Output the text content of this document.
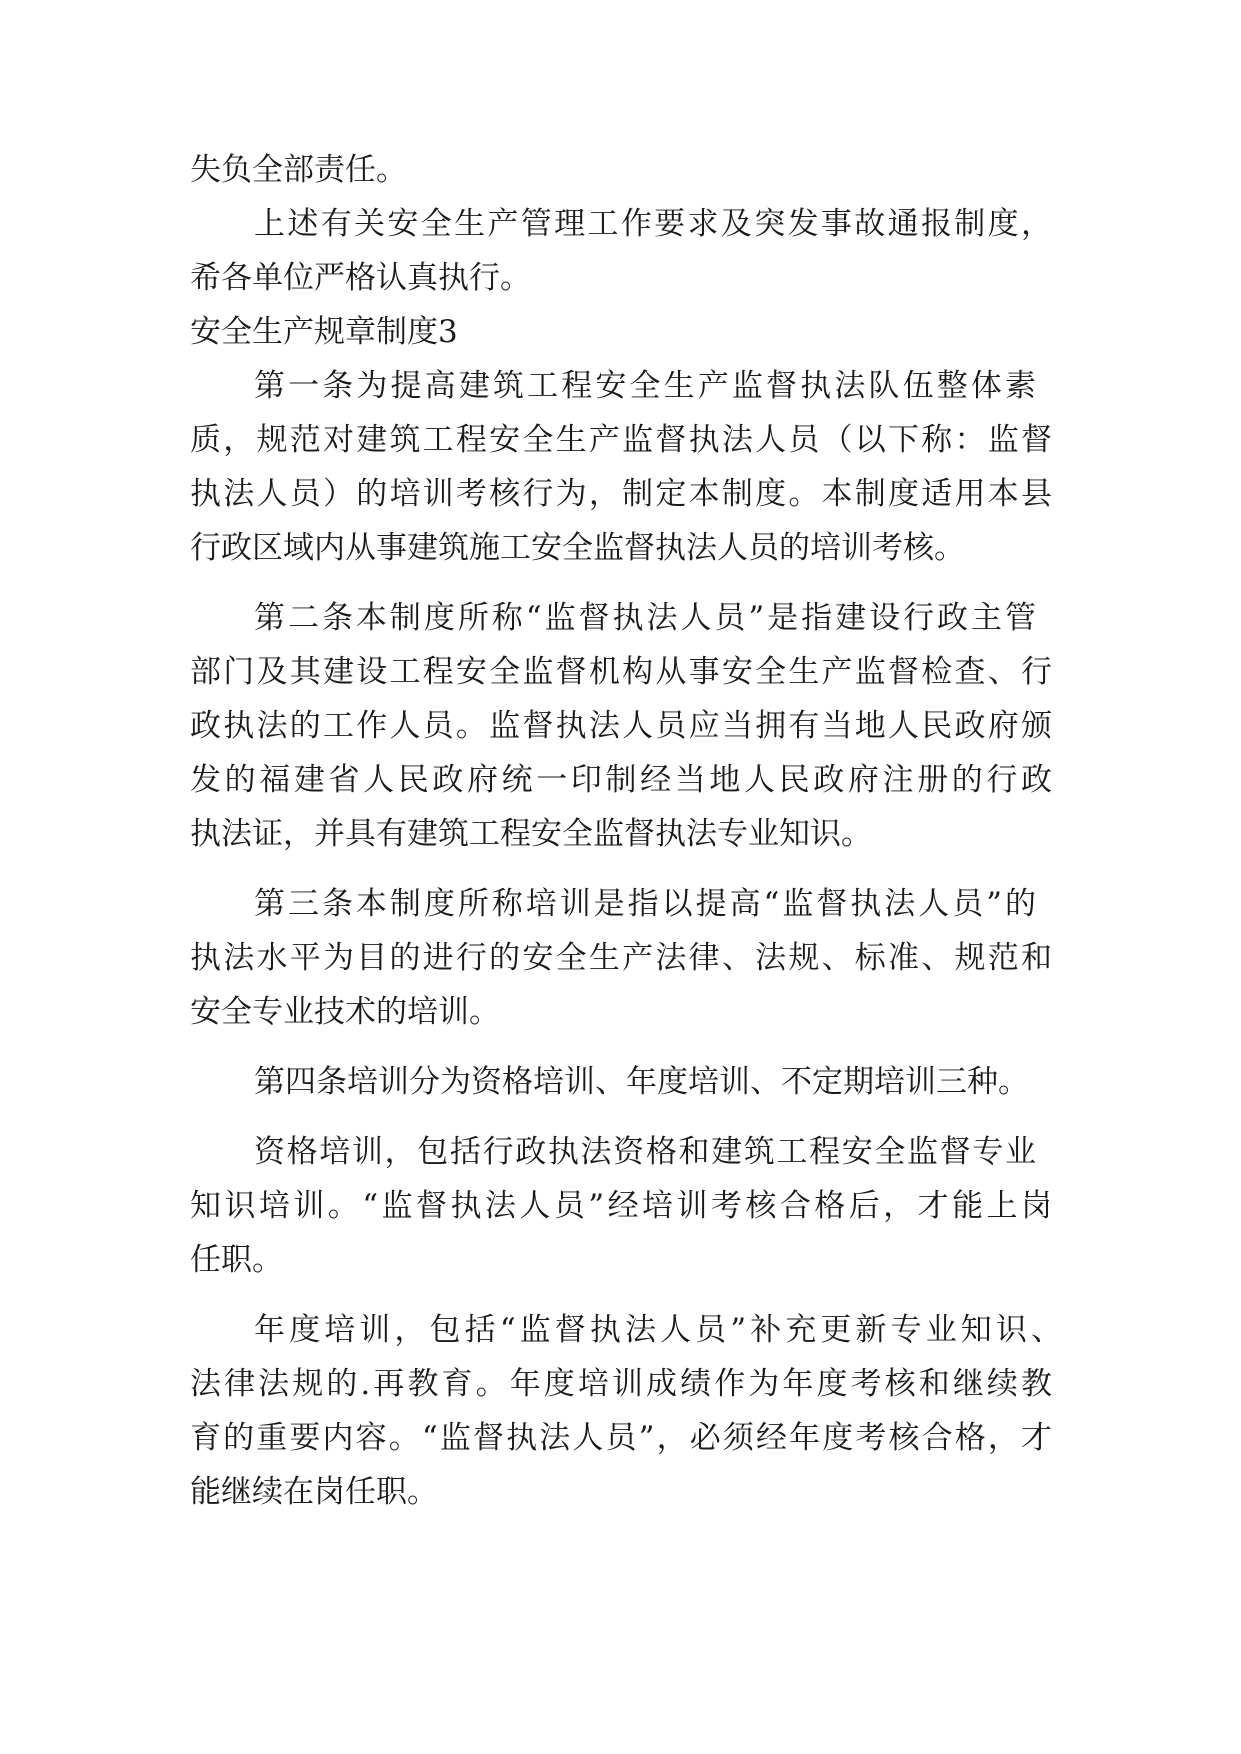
失负全部责任。
上述有关安全生产管理工作要求及突发事故通报制度，
希各单位严格认真执行。
安全生产规章制度3
第一条为提高建筑工程安全生产监督执法队伍整体素
质，规范对建筑工程安全生产监督执法人员（以下称：监督
执法人员）的培训考核行为，制定本制度。本制度适用本县
行政区域内从事建筑施工安全监督执法人员的培训考核。
第二条本制度所称“监督执法人员”是指建设行政主管
部门及其建设工程安全监督机构从事安全生产监督检查、行
政执法的工作人员。监督执法人员应当拥有当地人民政府颁
发的福建省人民政府统一印制经当地人民政府注册的行政
执法证，并具有建筑工程安全监督执法专业知识。
第三条本制度所称培训是指以提高“监督执法人员”的
执法水平为目的进行的安全生产法律、法规、标准、规范和
安全专业技术的培训。
第四条培训分为资格培训、年度培训、不定期培训三种。
资格培训，包括行政执法资格和建筑工程安全监督专业
知识培训。“监督执法人员”经培训考核合格后，才能上岗
任职。
年度培训，包括“监督执法人员”补充更新专业知识、
法律法规的.再教育。年度培训成绩作为年度考核和继续教
育的重要内容。“监督执法人员”，必须经年度考核合格，才
能继续在岗任职。
